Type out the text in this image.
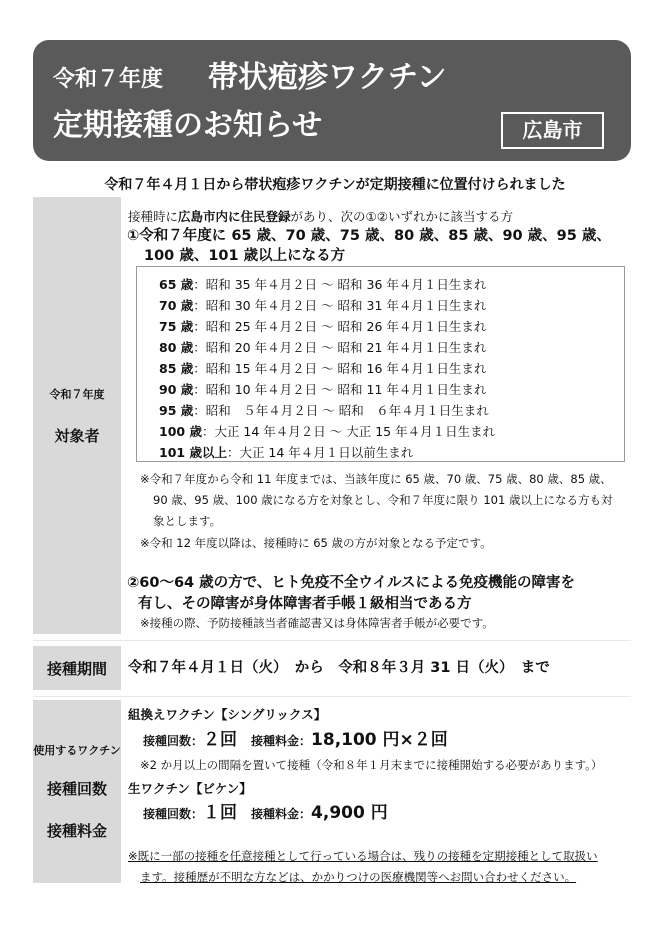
令和７年度 帯状疱疹ワクチン
定期接種のお知らせ	広島市
令和７年４月１日から帯状疱疹ワクチンが定期接種に位置付けられました
令和７年度
対象者
接種時に広島市内に住民登録があり、次の①②いずれかに該当する方
①令和７年度に 65 歳、70 歳、75 歳、80 歳、85 歳、90 歳、95 歳、
100 歳、101 歳以上になる方
65 歳：昭和 35 年４月２日 ～ 昭和 36 年４月１日生まれ
70 歳：昭和 30 年４月２日 ～ 昭和 31 年４月１日生まれ
75 歳：昭和 25 年４月２日 ～ 昭和 26 年４月１日生まれ
80 歳：昭和 20 年４月２日 ～ 昭和 21 年４月１日生まれ
85 歳：昭和 15 年４月２日 ～ 昭和 16 年４月１日生まれ
90 歳：昭和 10 年４月２日 ～ 昭和 11 年４月１日生まれ
95 歳：昭和　５年４月２日 ～ 昭和　６年４月１日生まれ
100 歳：大正 14 年４月２日 ～ 大正 15 年４月１日生まれ
101 歳以上：大正 14 年４月１日以前生まれ
※令和７年度から令和 11 年度までは、当該年度に 65 歳、70 歳、75 歳、80 歳、85 歳、
90 歳、95 歳、100 歳になる方を対象とし、令和７年度に限り 101 歳以上になる方も対
象とします。
※令和 12 年度以降は、接種時に 65 歳の方が対象となる予定です。
②60～64 歳の方で、ヒト免疫不全ウイルスによる免疫機能の障害を
有し、その障害が身体障害者手帳１級相当である方
※接種の際、予防接種該当者確認書又は身体障害者手帳が必要です。
接種期間	令和７年４月１日（火）　から　令和８年３月 31 日（火）　まで
使用するワクチン
接種回数
接種料金
組換えワクチン【シングリックス】
接種回数：２回 接種料金：18,100 円×２回
※2 か月以上の間隔を置いて接種（令和８年１月末までに接種開始する必要があります。）
生ワクチン【ビケン】
接種回数：１回 接種料金：4,900 円
※既に一部の接種を任意接種として行っている場合は、残りの接種を定期接種として取扱い
ます。接種歴が不明な方などは、かかりつけの医療機関等へお問い合わせください。
